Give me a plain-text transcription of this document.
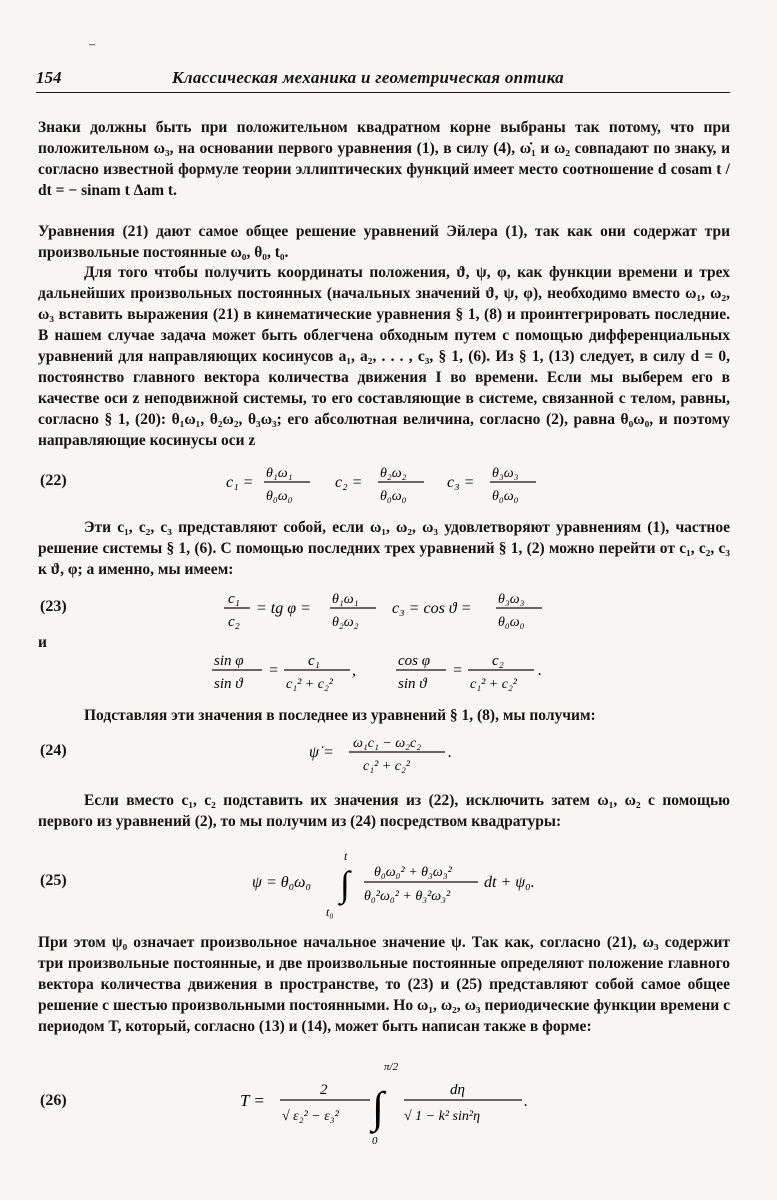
154	Классическая механика и геометрическая оптика
Знаки должны быть при положительном квадратном корне выбраны так потому, что при положительном ω₃, на основании первого уравнения (1), в силу (4), ω̇₁ и ω₂ совпадают по знаку, и согласно известной формуле теории эллиптических функций имеет место соотношение d cosam t / dt = − sinam t Δam t.
Уравнения (21) дают самое общее решение уравнений Эйлера (1), так как они содержат три произвольные постоянные ω₀, θ₀, t₀.
Для того чтобы получить координаты положения, ϑ, ψ, φ, как функции времени и трех дальнейших произвольных постоянных (начальных значений ϑ, ψ, φ), необходимо вместо ω₁, ω₂, ω₃ вставить выражения (21) в кинематические уравнения § 1, (8) и проинтегрировать последние. В нашем случае задача может быть облегчена обходным путем с помощью дифференциальных уравнений для направляющих косинусов a₁, a₂, . . . , c₃, § 1, (6). Из § 1, (13) следует, в силу d = 0, постоянство главного вектора количества движения I во времени. Если мы выберем его в качестве оси z неподвижной системы, то его составляющие в системе, связанной с телом, равны, согласно § 1, (20): θ₁ω₁, θ₂ω₂, θ₃ω₃; его абсолютная величина, согласно (2), равна θ₀ω₀, и поэтому направляющие косинусы оси z
(22)	c₁ =
θ₁ω₁
θ₀ω₀
c₂ =
θ₂ω₂
θ₀ω₀
c₃ =
θ₃ω₃
θ₀ω₀
Эти c₁, c₂, c₃ представляют собой, если ω₁, ω₂, ω₃ удовлетворяют уравнениям (1), частное решение системы § 1, (6). С помощью последних трех уравнений § 1, (2) можно перейти от c₁, c₂, c₃ к ϑ, φ; а именно, мы имеем:
(23)	c₁
c₂
= tg φ =
θ₁ω₁
θ₂ω₂
c₃ = cos ϑ =
θ₃ω₃
θ₀ω₀
и
sin φ
sin ϑ
=
c₁
c₁² + c₂²
,
cos φ
sin ϑ
=
c₂
c₁² + c₂²
.
Подставляя эти значения в последнее из уравнений § 1, (8), мы получим:
(24)	ψ̇ =
ω₁c₁ − ω₂c₂
c₁² + c₂²
.
Если вместо c₁, c₂ подставить их значения из (22), исключить затем ω₁, ω₂ с помощью первого из уравнений (2), то мы получим из (24) посредством квадратуры:
(25)	ψ = θ₀ω₀ ∫
t
t₀
θ₀ω₀² + θ₃ω₃²
θ₀²ω₀² + θ₃²ω₃²
dt + ψ₀.
При этом ψ₀ означает произвольное начальное значение ψ. Так как, согласно (21), ω₃ содержит три произвольные постоянные, и две произвольные постоянные определяют положение главного вектора количества движения в пространстве, то (23) и (25) представляют собой самое общее решение с шестью произвольными постоянными. Но ω₁, ω₂, ω₃ периодические функции времени с периодом T, который, согласно (13) и (14), может быть написан также в форме:
(26)	T =
2
√ ε₂² − ε₃² ∫
π/2
0
dη
√ 1 − k² sin²η
.
⁻
